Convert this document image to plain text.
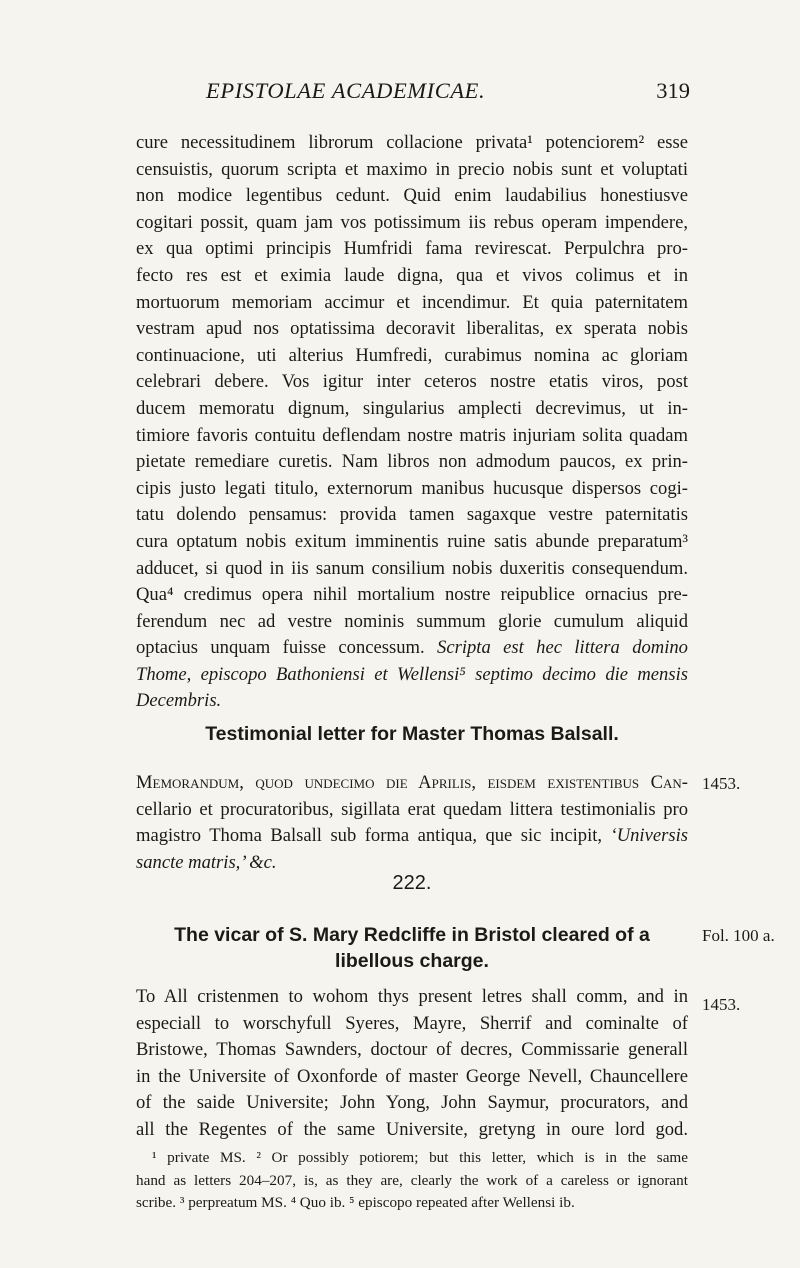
EPISTOLAE ACADEMICAE.	319
cure necessitudinem librorum collacione privata¹ potenciorem² esse
censuistis, quorum scripta et maximo in precio nobis sunt et voluptati
non modice legentibus cedunt. Quid enim laudabilius honestiusve
cogitari possit, quam jam vos potissimum iis rebus operam impendere,
ex qua optimi principis Humfridi fama revirescat. Perpulchra pro-
fecto res est et eximia laude digna, qua et vivos colimus et in
mortuorum memoriam accimur et incendimur. Et quia paternitatem
vestram apud nos optatissima decoravit liberalitas, ex sperata nobis
continuacione, uti alterius Humfredi, curabimus nomina ac gloriam
celebrari debere. Vos igitur inter ceteros nostre etatis viros, post
ducem memoratu dignum, singularius amplecti decrevimus, ut in-
timiore favoris contuitu deflendam nostre matris injuriam solita quadam
pietate remediare curetis. Nam libros non admodum paucos, ex prin-
cipis justo legati titulo, externorum manibus hucusque dispersos cogi-
tatu dolendo pensamus: provida tamen sagaxque vestre paternitatis
cura optatum nobis exitum imminentis ruine satis abunde preparatum³
adducet, si quod in iis sanum consilium nobis duxeritis consequendum.
Qua⁴ credimus opera nihil mortalium nostre reipublice ornacius pre-
ferendum nec ad vestre nominis summum glorie cumulum aliquid
optacius unquam fuisse concessum. Scripta est hec littera domino
Thome, episcopo Bathoniensi et Wellensi⁵ septimo decimo die mensis
Decembris.
Testimonial letter for Master Thomas Balsall.
1453.
Memorandum, quod undecimo die Aprilis, eisdem existentibus Can-
cellario et procuratoribus, sigillata erat quedam littera testimonialis pro
magistro Thoma Balsall sub forma antiqua, que sic incipit, ‘Universis
sancte matris,’ &c.
222.
The vicar of S. Mary Redcliffe in Bristol cleared of a
libellous charge.
Fol. 100 a.
1453.
To All cristenmen to wohom thys present letres shall comm, and in
especiall to worschyfull Syeres, Mayre, Sherrif and cominalte of
Bristowe, Thomas Sawnders, doctour of decres, Commissarie generall
in the Universite of Oxonforde of master George Nevell, Chauncellere
of the saide Universite; John Yong, John Saymur, procurators, and
all the Regentes of the same Universite, gretyng in oure lord god.
¹ private MS. ² Or possibly potiorem; but this letter, which is in the same
hand as letters 204–207, is, as they are, clearly the work of a careless or ignorant
scribe. ³ perpreatum MS. ⁴ Quo ib. ⁵ episcopo repeated after Wellensi ib.
